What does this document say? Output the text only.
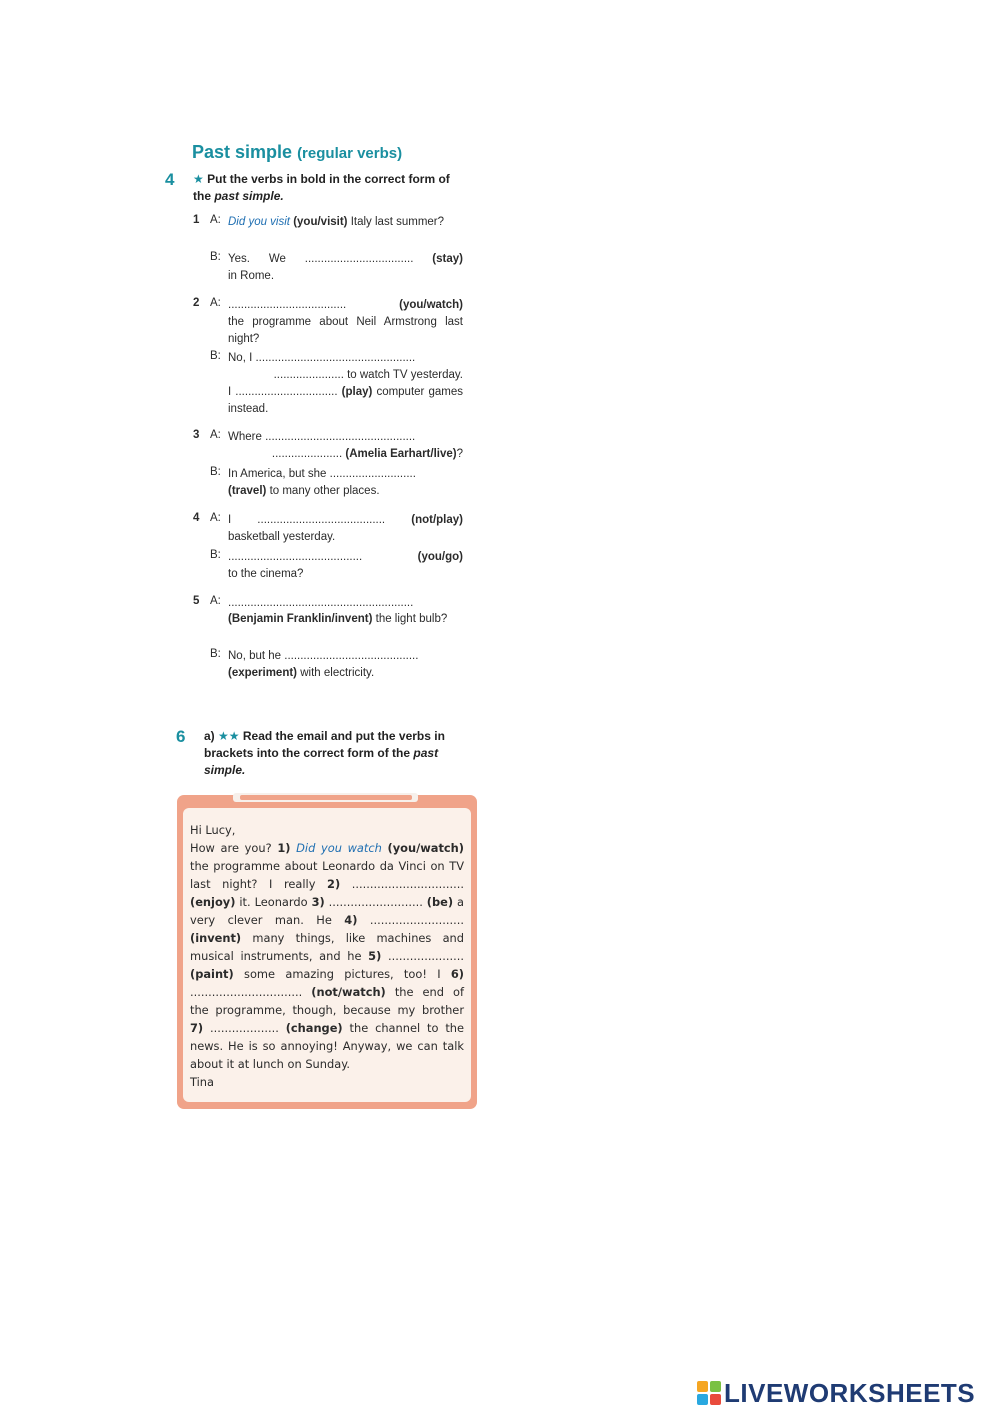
Past simple (regular verbs)
4 ★ Put the verbs in bold in the correct form of the past simple.
1 A: Did you visit (you/visit) Italy last summer?
B: Yes. We .................................. (stay)
in Rome.
2 A: .....................................	(you/watch)
the programme about Neil Armstrong last night?
B: No, I ..................................................
...................... to watch TV yesterday.
I ................................ (play) computer games instead.
3 A: Where ...............................................
...................... (Amelia Earhart/live)?
B: In America, but she ...........................
(travel) to many other places.
4 A: I ........................................ (not/play)
basketball yesterday.
B: ..........................................	(you/go)
to the cinema?
5 A: ..........................................................
(Benjamin Franklin/invent) the light bulb?
B: No, but he ..........................................
(experiment) with electricity.
6 a) ★★ Read the email and put the verbs in brackets into the correct form of the past simple.

Hi Lucy,

How are you? 1) Did you watch (you/watch) the programme about Leonardo da Vinci on TV last night? I really 2) ............................... (enjoy) it. Leonardo 3) .......................... (be) a very clever man. He 4) .......................... (invent) many things, like machines and musical instruments, and he 5) ..................... (paint) some amazing pictures, too! I 6) ............................... (not/watch) the end of the programme, though, because my brother 7) ................... (change) the channel to the news. He is so annoying! Anyway, we can talk about it at lunch on Sunday.

Tina

LIVEWORKSHEETS
